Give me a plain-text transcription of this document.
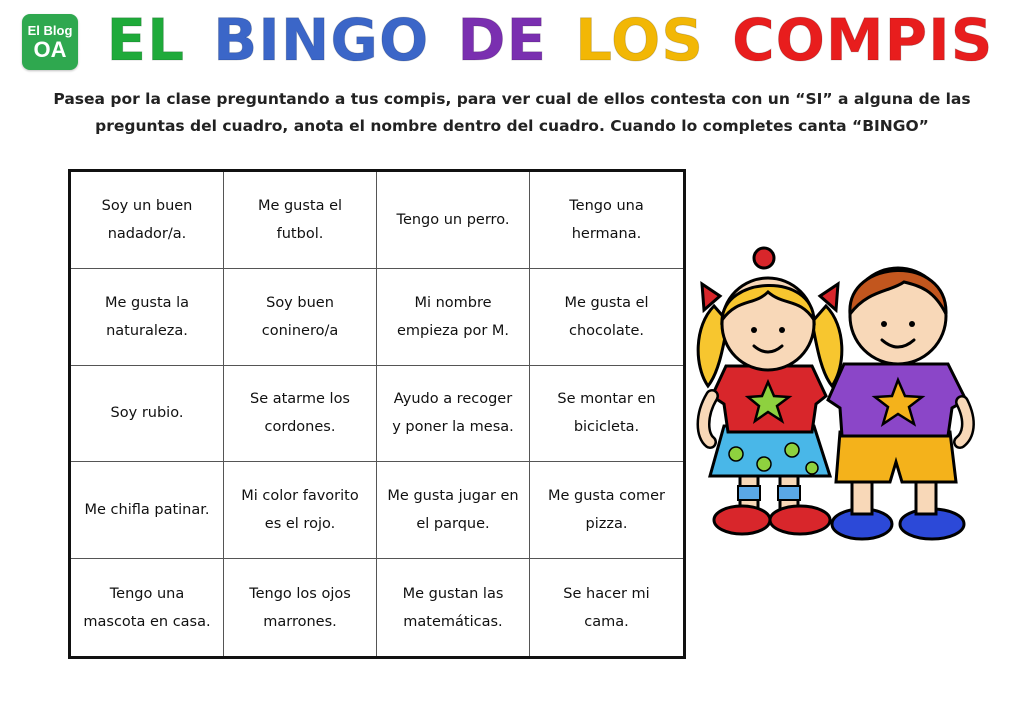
El Blog
OA EL BINGO DE LOS COMPIS
Pasea por la clase preguntando a tus compis, para ver cual de ellos contesta con un “SI” a alguna de las
preguntas del cuadro, anota el nombre dentro del cuadro. Cuando lo completes canta “BINGO”
Soy un buen
nadador/a.
Me gusta el
futbol.
Tengo un perro.
Tengo una
hermana.
Me gusta la
naturaleza.
Soy buen
coninero/a
Mi nombre
empieza por M.
Me gusta el
chocolate.
Soy rubio.
Se atarme los
cordones.
Ayudo a recoger
y poner la mesa.
Se montar en
bicicleta.
Me chifla patinar.
Mi color favorito
es el rojo.
Me gusta jugar en
el parque.
Me gusta comer
pizza.
Tengo una
mascota en casa.
Tengo los ojos
marrones.
Me gustan las
matemáticas.
Se hacer mi
cama.
